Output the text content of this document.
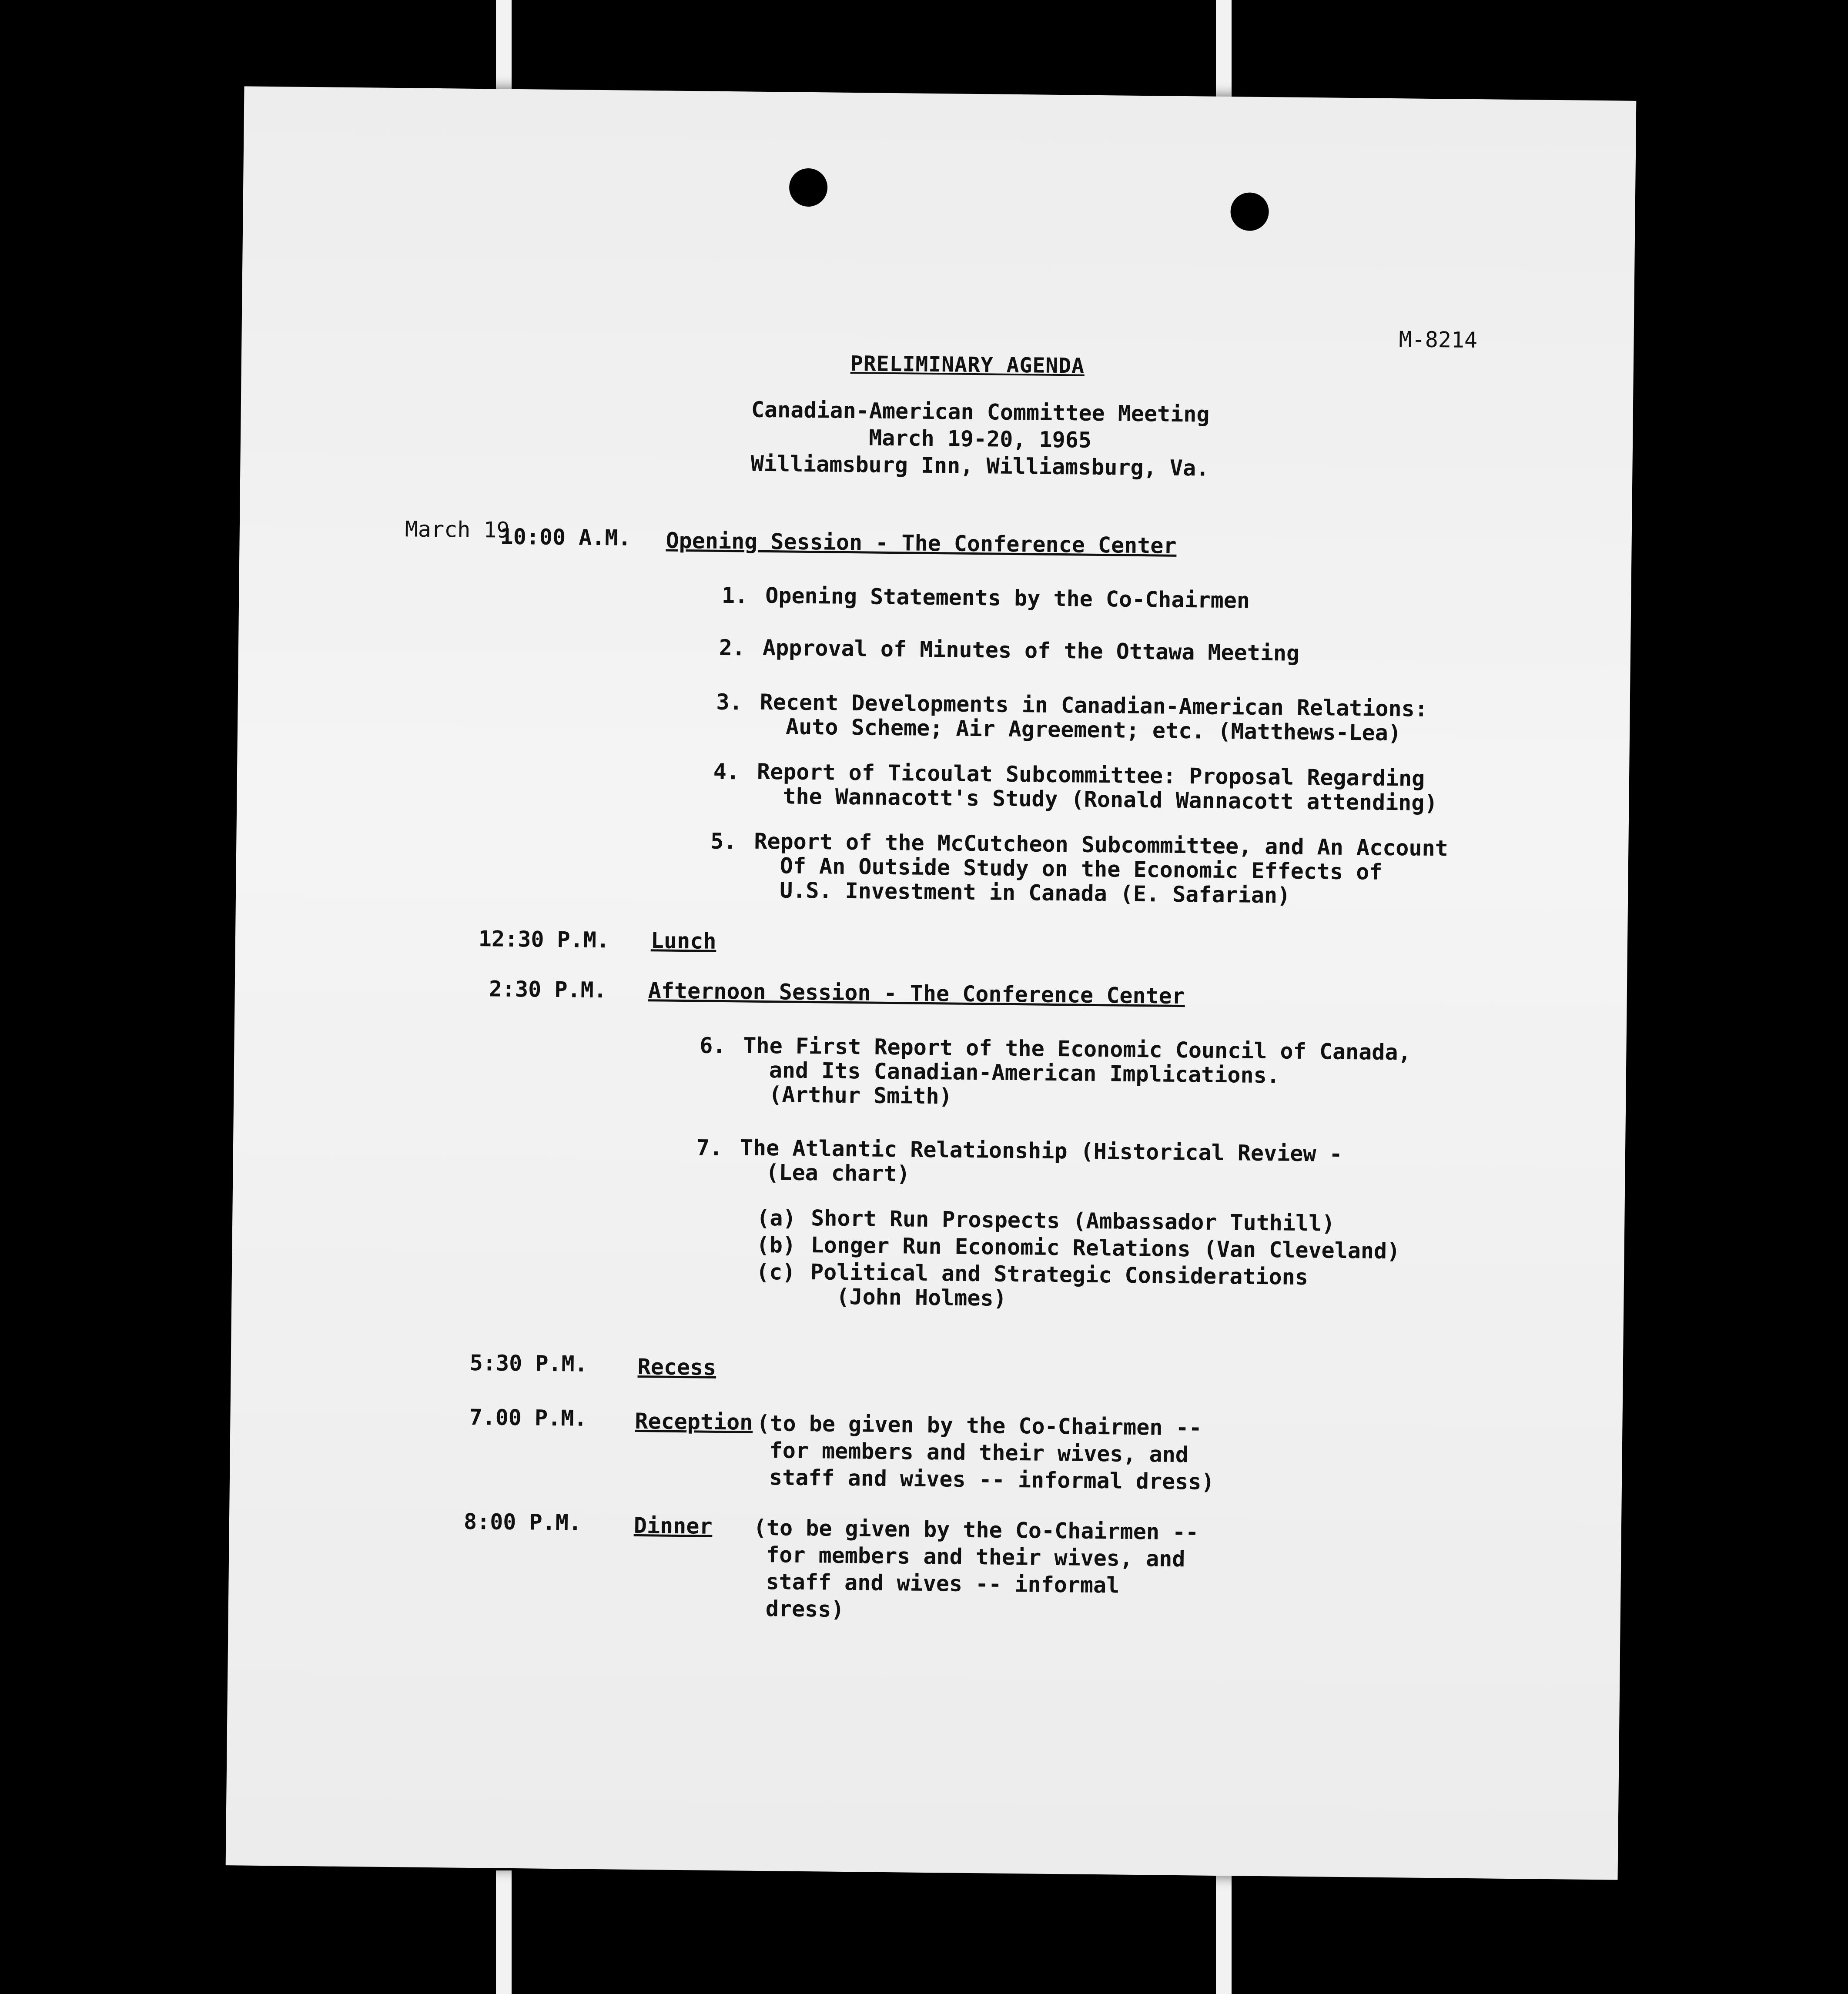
M-8214
PRELIMINARY AGENDA
Canadian-American Committee Meeting
March 19-20, 1965
Williamsburg Inn, Williamsburg, Va.
March 19
10:00 A.M. Opening Session - The Conference Center
1. Opening Statements by the Co-Chairmen
2. Approval of Minutes of the Ottawa Meeting
3. Recent Developments in Canadian-American Relations:
Auto Scheme; Air Agreement; etc. (Matthews-Lea)
4. Report of Ticoulat Subcommittee: Proposal Regarding
the Wannacott's Study (Ronald Wannacott attending)
5. Report of the McCutcheon Subcommittee, and An Account
Of An Outside Study on the Economic Effects of
U.S. Investment in Canada (E. Safarian)
12:30 P.M. Lunch
2:30 P.M. Afternoon Session - The Conference Center
6. The First Report of the Economic Council of Canada,
and Its Canadian-American Implications.
(Arthur Smith)
7. The Atlantic Relationship (Historical Review -
(Lea chart)
(a) Short Run Prospects (Ambassador Tuthill)
(b) Longer Run Economic Relations (Van Cleveland)
(c) Political and Strategic Considerations
(John Holmes)
5:30 P.M. Recess
7.00 P.M. Reception (to be given by the Co-Chairmen --
for members and their wives, and
staff and wives -- informal dress)
8:00 P.M. Dinner (to be given by the Co-Chairmen --
for members and their wives, and
staff and wives -- informal
dress)
